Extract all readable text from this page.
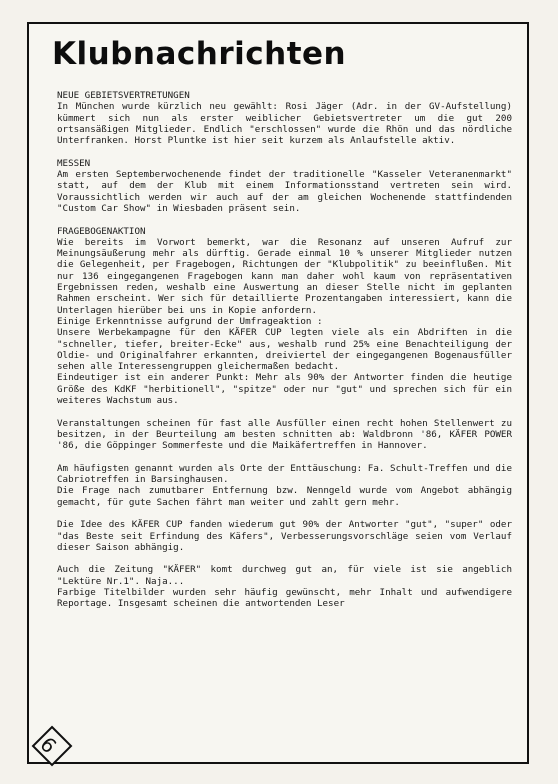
Klubnachrichten
NEUE GEBIETSVERTRETUNGEN

In München wurde kürzlich neu gewählt: Rosi Jäger (Adr. in der GV-Aufstellung) kümmert sich nun als erster weiblicher Gebietsvertreter um die gut 200 ortsansäßigen Mitglieder. Endlich "erschlossen" wurde die Rhön und das nördliche Unterfranken. Horst Pluntke ist hier seit kurzem als Anlaufstelle aktiv.

MESSEN

Am ersten Septemberwochenende findet der traditionelle "Kasseler Veteranenmarkt" statt, auf dem der Klub mit einem Informationsstand vertreten sein wird. Voraussichtlich werden wir auch auf der am gleichen Wochenende stattfindenden "Custom Car Show" in Wiesbaden präsent sein.

FRAGEBOGENAKTION

Wie bereits im Vorwort bemerkt, war die Resonanz auf unseren Aufruf zur Meinungsäußerung mehr als dürftig. Gerade einmal 10 % unserer Mitglieder nutzen die Gelegenheit, per Fragebogen, Richtungen der "Klubpolitik" zu beeinflußen. Mit nur 136 eingegangenen Fragebogen kann man daher wohl kaum von repräsentativen Ergebnissen reden, weshalb eine Auswertung an dieser Stelle nicht im geplanten Rahmen erscheint. Wer sich für detaillierte Prozentangaben interessiert, kann die Unterlagen hierüber bei uns in Kopie anfordern.

Einige Erkenntnisse aufgrund der Umfrageaktion :

Unsere Werbekampagne für den KÄFER CUP legten viele als ein Abdriften in die "schneller, tiefer, breiter-Ecke" aus, weshalb rund 25% eine Benachteiligung der Oldie- und Originalfahrer erkannten, dreiviertel der eingegangenen Bogenausfüller sehen alle Interessengruppen gleichermaßen bedacht.

Eindeutiger ist ein anderer Punkt: Mehr als 90% der Antworter finden die heutige Größe des KdKF "herbitionell", "spitze" oder nur "gut" und sprechen sich für ein weiteres Wachstum aus.

Veranstaltungen scheinen für fast alle Ausfüller einen recht hohen Stellenwert zu besitzen, in der Beurteilung am besten schnitten ab: Waldbronn '86, KÄFER POWER '86, die Göppinger Sommerfeste und die Maikäfertreffen in Hannover.

Am häufigsten genannt wurden als Orte der Enttäuschung: Fa. Schult-Treffen und die Cabriotreffen in Barsinghausen.

Die Frage nach zumutbarer Entfernung bzw. Nenngeld wurde vom Angebot abhängig gemacht, für gute Sachen fährt man weiter und zahlt gern mehr.

Die Idee des KÄFER CUP fanden wiederum gut 90% der Antworter "gut", "super" oder "das Beste seit Erfindung des Käfers", Verbesserungsvorschläge seien vom Verlauf dieser Saison abhängig.

Auch die Zeitung "KÄFER" komt durchweg gut an, für viele ist sie angeblich "Lektüre Nr.1". Naja...

Farbige Titelbilder wurden sehr häufig gewünscht, mehr Inhalt und aufwendigere Reportage. Insgesamt scheinen die antwortenden Leser

6
